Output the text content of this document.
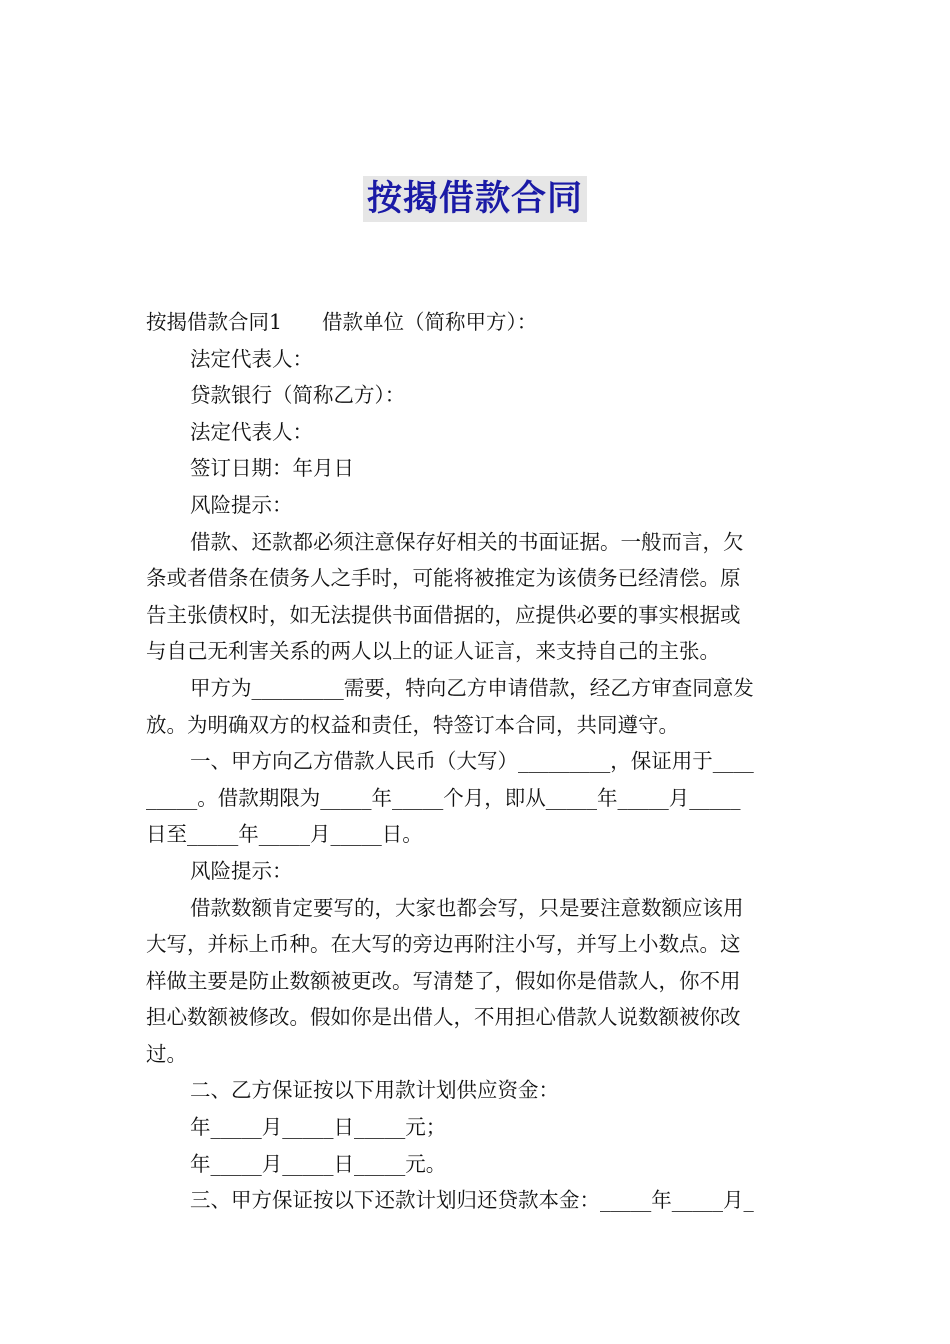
按揭借款合同

按揭借款合同1 借款单位（简称甲方）：

法定代表人：

贷款银行（简称乙方）：

法定代表人：

签订日期：年月日

风险提示：

借款、还款都必须注意保存好相关的书面证据。一般而言，欠

条或者借条在债务人之手时，可能将被推定为该债务已经清偿。原

告主张债权时，如无法提供书面借据的，应提供必要的事实根据或

与自己无利害关系的两人以上的证人证言，来支持自己的主张。

甲方为_________需要，特向乙方申请借款，经乙方审查同意发

放。为明确双方的权益和责任，特签订本合同，共同遵守。

一、甲方向乙方借款人民币（大写）_________，保证用于____

_____。借款期限为_____年_____个月，即从_____年_____月_____

日至_____年_____月_____日。

风险提示：

借款数额肯定要写的，大家也都会写，只是要注意数额应该用

大写，并标上币种。在大写的旁边再附注小写，并写上小数点。这

样做主要是防止数额被更改。写清楚了，假如你是借款人，你不用

担心数额被修改。假如你是出借人，不用担心借款人说数额被你改

过。

二、乙方保证按以下用款计划供应资金：

年_____月_____日_____元；

年_____月_____日_____元。

三、甲方保证按以下还款计划归还贷款本金：_____年_____月_
